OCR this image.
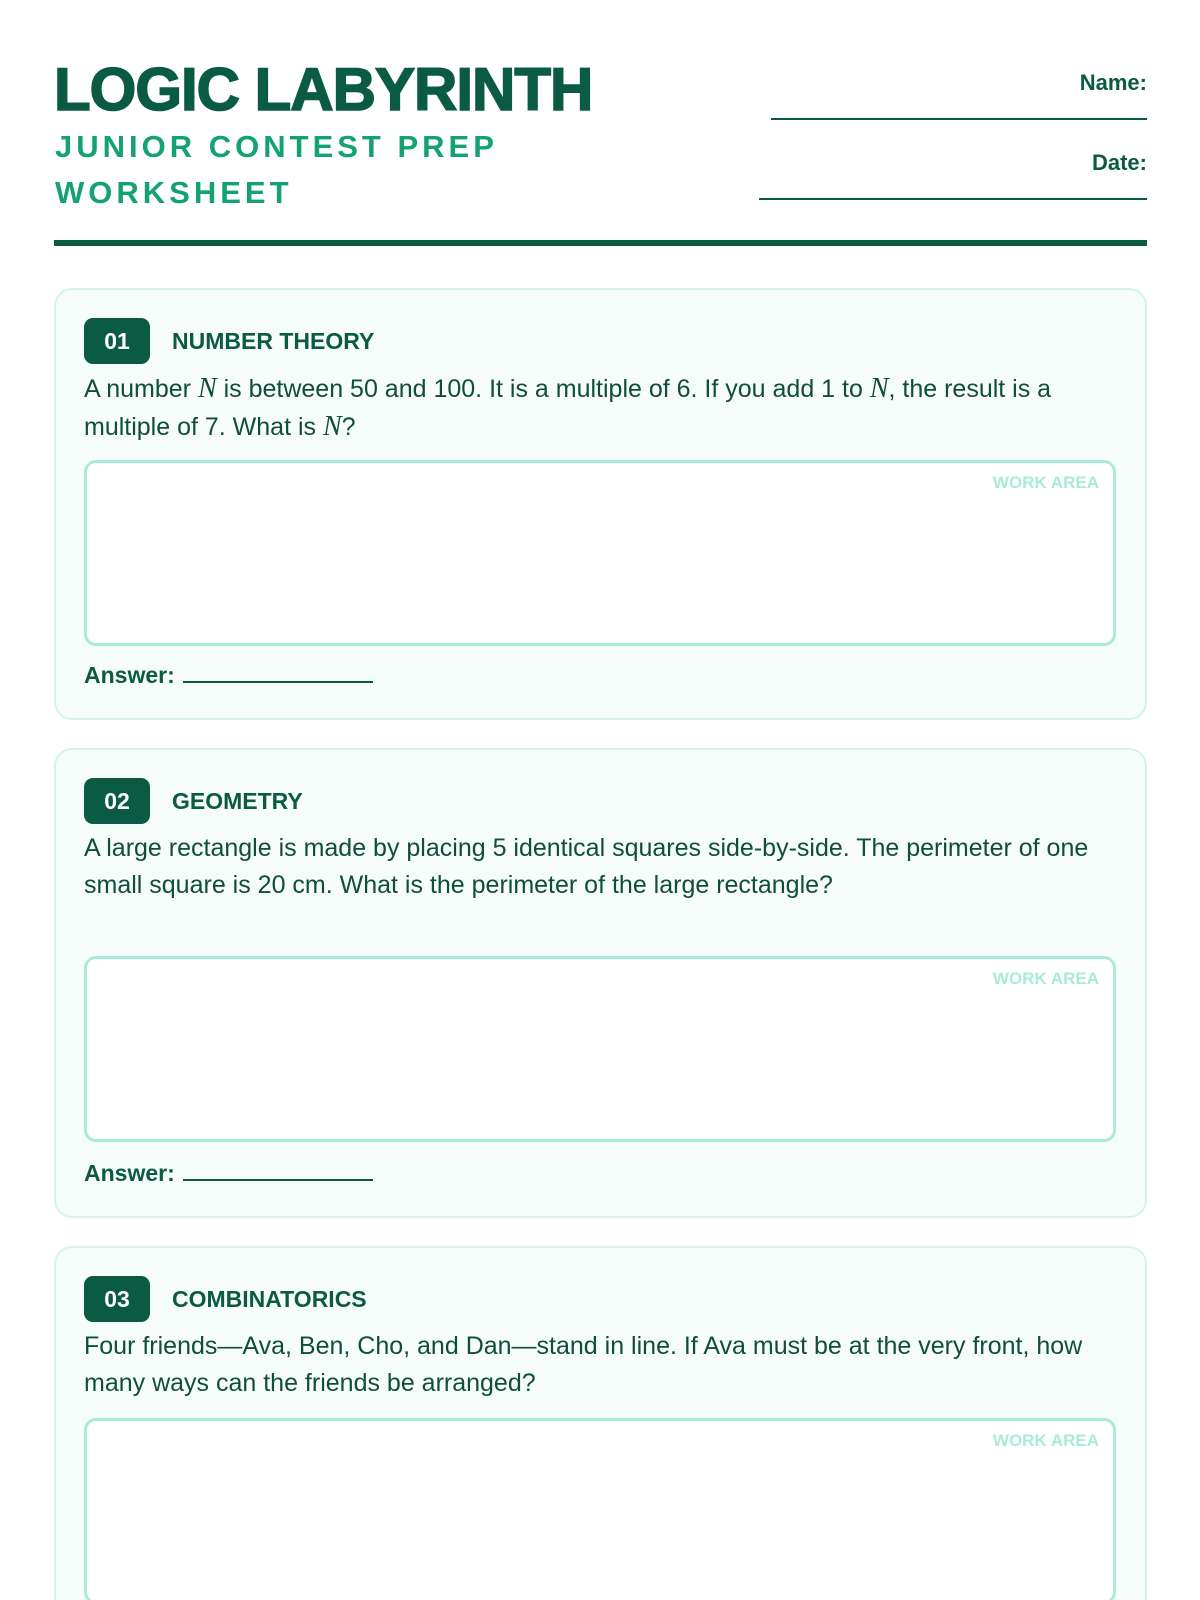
LOGIC LABYRINTH
JUNIOR CONTEST PREP WORKSHEET
Name:
Date:
01	NUMBER THEORY
A number N is between 50 and 100. It is a multiple of 6. If you add 1 to N, the result is a multiple of 7. What is N?
WORK AREA
Answer:
02	GEOMETRY
A large rectangle is made by placing 5 identical squares side-by-side. The perimeter of one small square is 20 cm. What is the perimeter of the large rectangle?
WORK AREA
Answer:
03	COMBINATORICS
Four friends—Ava, Ben, Cho, and Dan—stand in line. If Ava must be at the very front, how many ways can the friends be arranged?
WORK AREA
